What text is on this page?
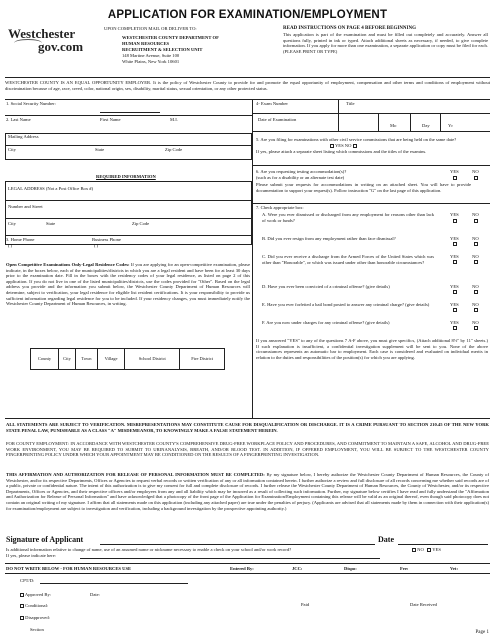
APPLICATION FOR EXAMINATION/EMPLOYMENT
Westchester
gov.com
UPON COMPLETION MAIL OR DELIVER TO:
WESTCHESTER COUNTY DEPARTMENT OF
HUMAN RESOURCES
RECRUITMENT & SELECTION UNIT
148 Martine Avenue, Suite 100
White Plains, New York 10601
READ INSTRUCTIONS ON PAGE 4 BEFORE BEGINNING
This application is part of the examination and must be filled out completely and accurately. Answer all questions fully, printed in ink or typed. Attach additional sheets as necessary, if needed, to give complete information. If you apply for more than one examination, a separate application or copy must be filed for each. (PLEASE PRINT OR TYPE)
WESTCHESTER COUNTY IS AN EQUAL OPPORTUNITY EMPLOYER. It is the policy of Westchester County to provide for and promote the equal opportunity of employment, compensation and other terms and conditions of employment without discrimination because of age, race, creed, color, national origin, sex, disability, marital status, sexual orientation, or any other protected status.
1. Social Security Number:
2. Last Name	First Name	M.I.
Mailing Address
City	State	Zip Code
REQUIRED INFORMATION
LEGAL ADDRESS (Not a Post Office Box #)
Number and Street
City	State	Zip Code
3. Home Phone	Business Phone
( )	( )
Open Competitive Examinations Only-Legal Residence Codes: If you are applying for an open-competitive examination, please indicate, in the boxes below, each of the municipalities/districts in which you are a legal resident and have been for at least 30 days prior to the examination date. Fill in the boxes with the residency codes of your legal residence, as listed on page 2 of this application. If you do not live in one of the listed municipalities/districts, use the codes provided for "Other". Based on the legal address you provide and the information you submit below, the Westchester County Department of Human Resources will determine, subject to verification, your legal residence for eligible list resident certifications. It is your responsibility to provide us sufficient information regarding legal residence for you to be included. If your residency changes, you must immediately notify the Westchester County Department of Human Resources, in writing.
County	City	Town	Village	School District	Fire District
4- Exam Number	Title
Date of Examination
Mo	Day	Yr
5. Are you filing for examinations with other civil service commissions that are being held on the same date?
YES NO
If yes, please attach a separate sheet listing which commissions and the titles of the examins.
6. Are you requesting testing accommodation(s)?	YES	NO
(such as for a disability or an alternate test date)
Please submit your requests for accommodations in writing on an attached sheet. You will have to provide documentation to support your request(s). Follow instruction "G" on the last page of this application.
7. Check appropriate box:
A. Were you ever dismissed or discharged from any employment for reasons other than lack of work or funds?
YES	NO
B. Did you ever resign from any employment rather than face dismissal?	YES	NO
C. Did you ever receive a discharge from the Armed Forces of the United States which was other than "Honorable", or which was issued under other than honorable circumstances?
YES	NO
D. Have you ever been convicted of a criminal offense? (give details)	YES	NO
E. Have you ever forfeited a bail bond posted to answer any criminal charge? (give details)	YES	NO
F. Are you now under charges for any criminal offense? (give details)	YES	NO
If you answered "YES" to any of the questions 7 A-F above, you must give specifics, (Attach additional 8½" by 11" sheets.) If such explanation is insufficient, a confidential investigation supplement will be sent to you. None of the above circumstances represents an automatic bar to employment. Each case is considered and evaluated on individual merits in relation to the duties and responsibilities of the position(s) for which you are applying.
ALL STATEMENTS ARE SUBJECT TO VERIFICATION. MISREPRESENTATIONS MAY CONSTITUTE CAUSE FOR DISQUALIFICATION OR DISCHARGE. IT IS A CRIME PURSUANT TO SECTION 210.45 OF THE NEW YORK STATE PENAL LAW, PUNISHABLE AS A CLASS "A" MISDEMEANOR, TO KNOWINGLY MAKE A FALSE STATEMENT HEREIN.
FOR COUNTY EMPLOYMENT: IN ACCORDANCE WITH WESTCHESTER COUNTY'S COMPREHENSIVE DRUG-FREE WORKPLACE POLICY AND PROCEDURES, AND COMMITMENT TO MAINTAIN A SAFE, ALCOHOL AND DRUG-FREE WORK ENVIRONMENT, YOU MAY BE REQUIRED TO SUBMIT TO URINANALYSIS, BREATH, AND/OR BLOOD TEST. IN ADDITION, IF OFFERED EMPLOYMENT, YOU WILL BE SUBJECT TO THE WESTCHESTER COUNTY FINGERPRINTING POLICY UNDER WHICH YOUR APPOINTMENT MAY BE CONDITIONED ON THE RESULTS OF A FINGERPRINTING INVESTIGATION.
THIS AFFIRMATION AND AUTHORIZATION FOR RELEASE OF PERSONAL INFORMATION MUST BE COMPLETED: By my signature below, I hereby authorize the Westchester County Department of Human Resources, the County of Westchester, and/or its respective Departments, Offices or Agencies to request verbal records or written verification of any or all information contained herein. I further authorize a review and full disclosure of all records concerning me whether said records are of a public, private or confidential nature. The intent of this authorization is to give my consent for full and complete disclosure of records. I further release the Westchester County Department of Human Resources, the County of Westchester, and/or its respective Departments, Offices or Agencies, and their respective officers and/or employees from any and all liability which may be incurred as a result of collecting such information. Further, my signature below certifies I have read and fully understand the "Affirmation and Authorization for Release of Personal Information" and have acknowledged that a photocopy of the front page of the Application for Examination/Employment containing this release will be valid as an original thereof, even though said photocopy does not contain an original writing of my signature. I affirm that all statements made on this application (including any attached paper) are true under the penalties of perjury. (Applicants are advised that all statements made by them in connection with their application(s) for examination/employment are subject to investigation and verification, including a background investigation by the prospective appointing authority.)
Signature of Applicant	Date
Is additional information relative to change of name, use of an assumed name or nickname necessary to enable a check on your school and/or work record?	NO YES
If yes, please indicate here:
DO NOT WRITE BELOW - FOR HUMAN RESOURCES USE	Entered By:	JCC:	Dispo:	Fee:	Vet:
CPT/D:
Approved By:	Date:
Conditional:
Disapproved:
Section
Paid	Date Received
Page 1
